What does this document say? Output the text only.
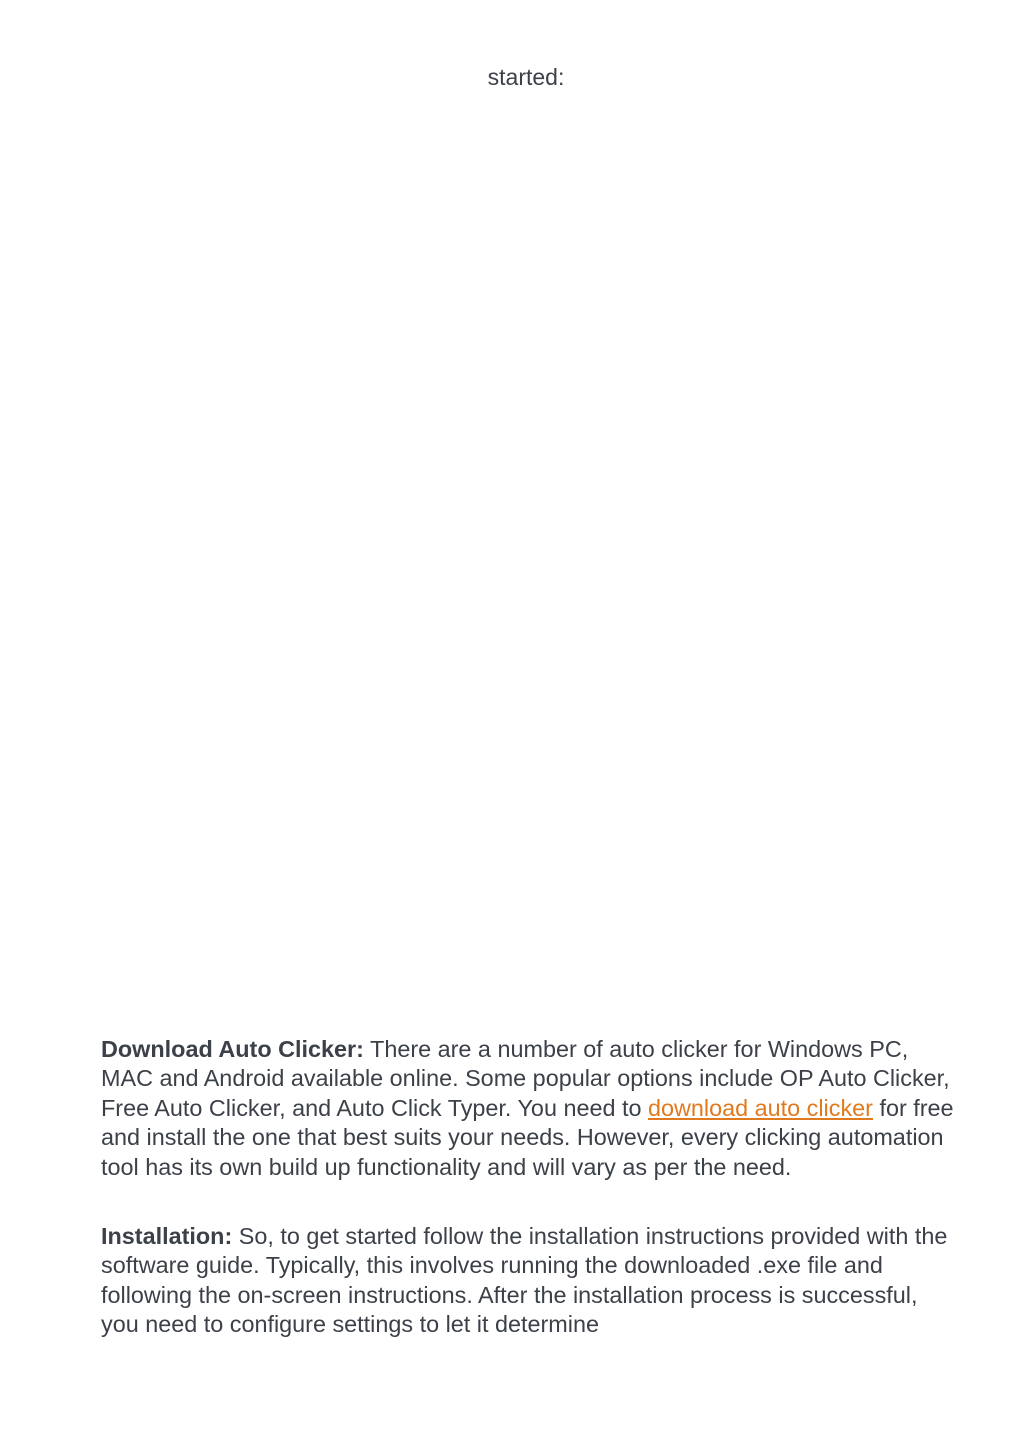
started:

Download Auto Clicker: There are a number of auto clicker for Windows PC, MAC and Android available online. Some popular options include OP Auto Clicker, Free Auto Clicker, and Auto Click Typer. You need to download auto clicker for free and install the one that best suits your needs. However, every clicking automation tool has its own build up functionality and will vary as per the need.

Installation: So, to get started follow the installation instructions provided with the software guide. Typically, this involves running the downloaded .exe file and following the on-screen instructions. After the installation process is successful, you need to configure settings to let it determine
